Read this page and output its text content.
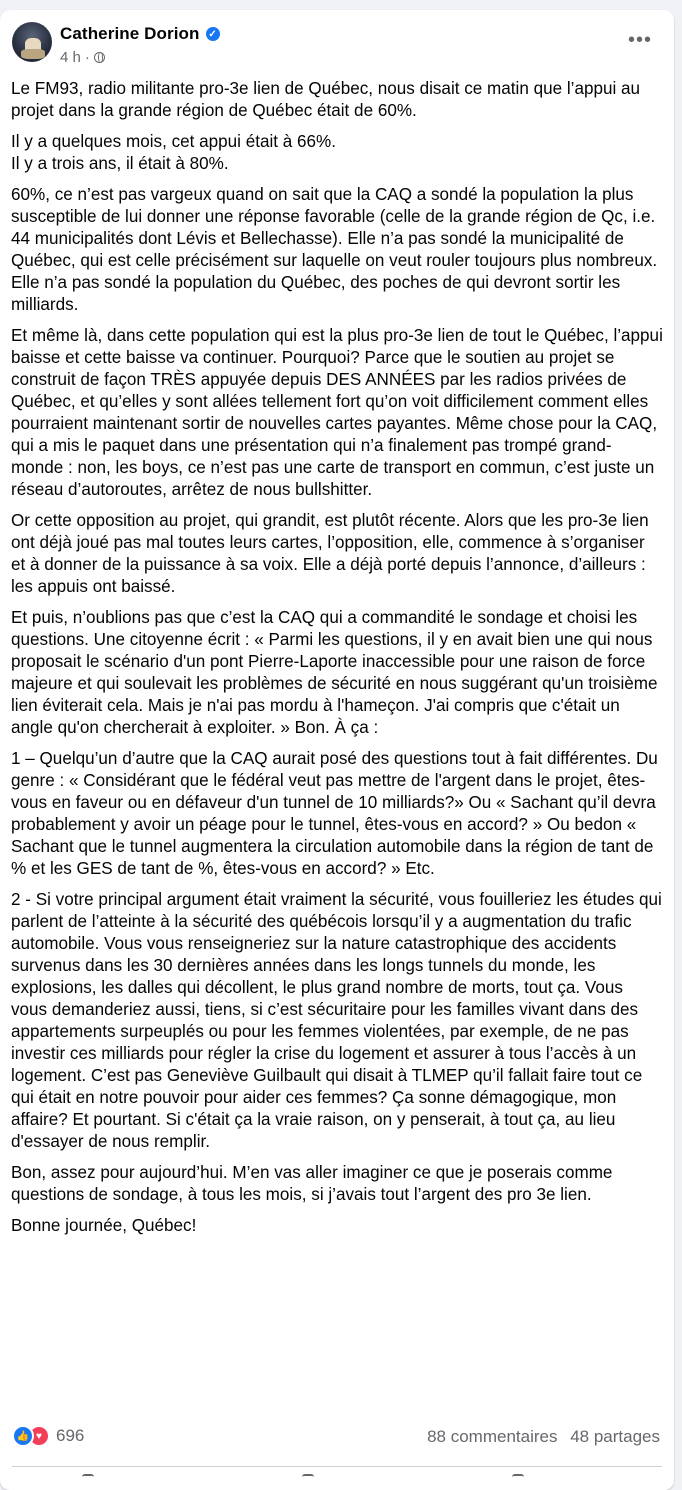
Catherine Dorion ✓
4 h ·
•••

Le FM93, radio militante pro-3e lien de Québec, nous disait ce matin que l’appui au projet dans la grande région de Québec était de 60%.

Il y a quelques mois, cet appui était à 66%.
Il y a trois ans, il était à 80%.

60%, ce n’est pas vargeux quand on sait que la CAQ a sondé la population la plus susceptible de lui donner une réponse favorable (celle de la grande région de Qc, i.e. 44 municipalités dont Lévis et Bellechasse). Elle n’a pas sondé la municipalité de Québec, qui est celle précisément sur laquelle on veut rouler toujours plus nombreux. Elle n’a pas sondé la population du Québec, des poches de qui devront sortir les milliards.

Et même là, dans cette population qui est la plus pro-3e lien de tout le Québec, l’appui baisse et cette baisse va continuer. Pourquoi? Parce que le soutien au projet se construit de façon TRÈS appuyée depuis DES ANNÉES par les radios privées de Québec, et qu’elles y sont allées tellement fort qu’on voit difficilement comment elles pourraient maintenant sortir de nouvelles cartes payantes. Même chose pour la CAQ, qui a mis le paquet dans une présentation qui n’a finalement pas trompé grand-monde : non, les boys, ce n’est pas une carte de transport en commun, c’est juste un réseau d’autoroutes, arrêtez de nous bullshitter.

Or cette opposition au projet, qui grandit, est plutôt récente. Alors que les pro-3e lien ont déjà joué pas mal toutes leurs cartes, l’opposition, elle, commence à s’organiser et à donner de la puissance à sa voix. Elle a déjà porté depuis l’annonce, d’ailleurs : les appuis ont baissé.

Et puis, n’oublions pas que c’est la CAQ qui a commandité le sondage et choisi les questions. Une citoyenne écrit : « Parmi les questions, il y en avait bien une qui nous proposait le scénario d'un pont Pierre-Laporte inaccessible pour une raison de force majeure et qui soulevait les problèmes de sécurité en nous suggérant qu'un troisième lien éviterait cela. Mais je n'ai pas mordu à l'hameçon. J'ai compris que c'était un angle qu'on chercherait à exploiter. » Bon. À ça :

1 – Quelqu’un d’autre que la CAQ aurait posé des questions tout à fait différentes. Du genre : « Considérant que le fédéral veut pas mettre de l'argent dans le projet, êtes-vous en faveur ou en défaveur d'un tunnel de 10 milliards?» Ou « Sachant qu’il devra probablement y avoir un péage pour le tunnel, êtes-vous en accord? » Ou bedon « Sachant que le tunnel augmentera la circulation automobile dans la région de tant de % et les GES de tant de %, êtes-vous en accord? » Etc.

2 - Si votre principal argument était vraiment la sécurité, vous fouilleriez les études qui parlent de l’atteinte à la sécurité des québécois lorsqu’il y a augmentation du trafic automobile. Vous vous renseigneriez sur la nature catastrophique des accidents survenus dans les 30 dernières années dans les longs tunnels du monde, les explosions, les dalles qui décollent, le plus grand nombre de morts, tout ça. Vous vous demanderiez aussi, tiens, si c’est sécuritaire pour les familles vivant dans des appartements surpeuplés ou pour les femmes violentées, par exemple, de ne pas investir ces milliards pour régler la crise du logement et assurer à tous l’accès à un logement. C’est pas Geneviève Guilbault qui disait à TLMEP qu’il fallait faire tout ce qui était en notre pouvoir pour aider ces femmes? Ça sonne démagogique, mon affaire? Et pourtant. Si c'était ça la vraie raison, on y penserait, à tout ça, au lieu d'essayer de nous remplir.

Bon, assez pour aujourd’hui. M’en vas aller imaginer ce que je poserais comme questions de sondage, à tous les mois, si j’avais tout l’argent des pro 3e lien.

Bonne journée, Québec!

👍 ♥ 696	88 commentaires 48 partages
